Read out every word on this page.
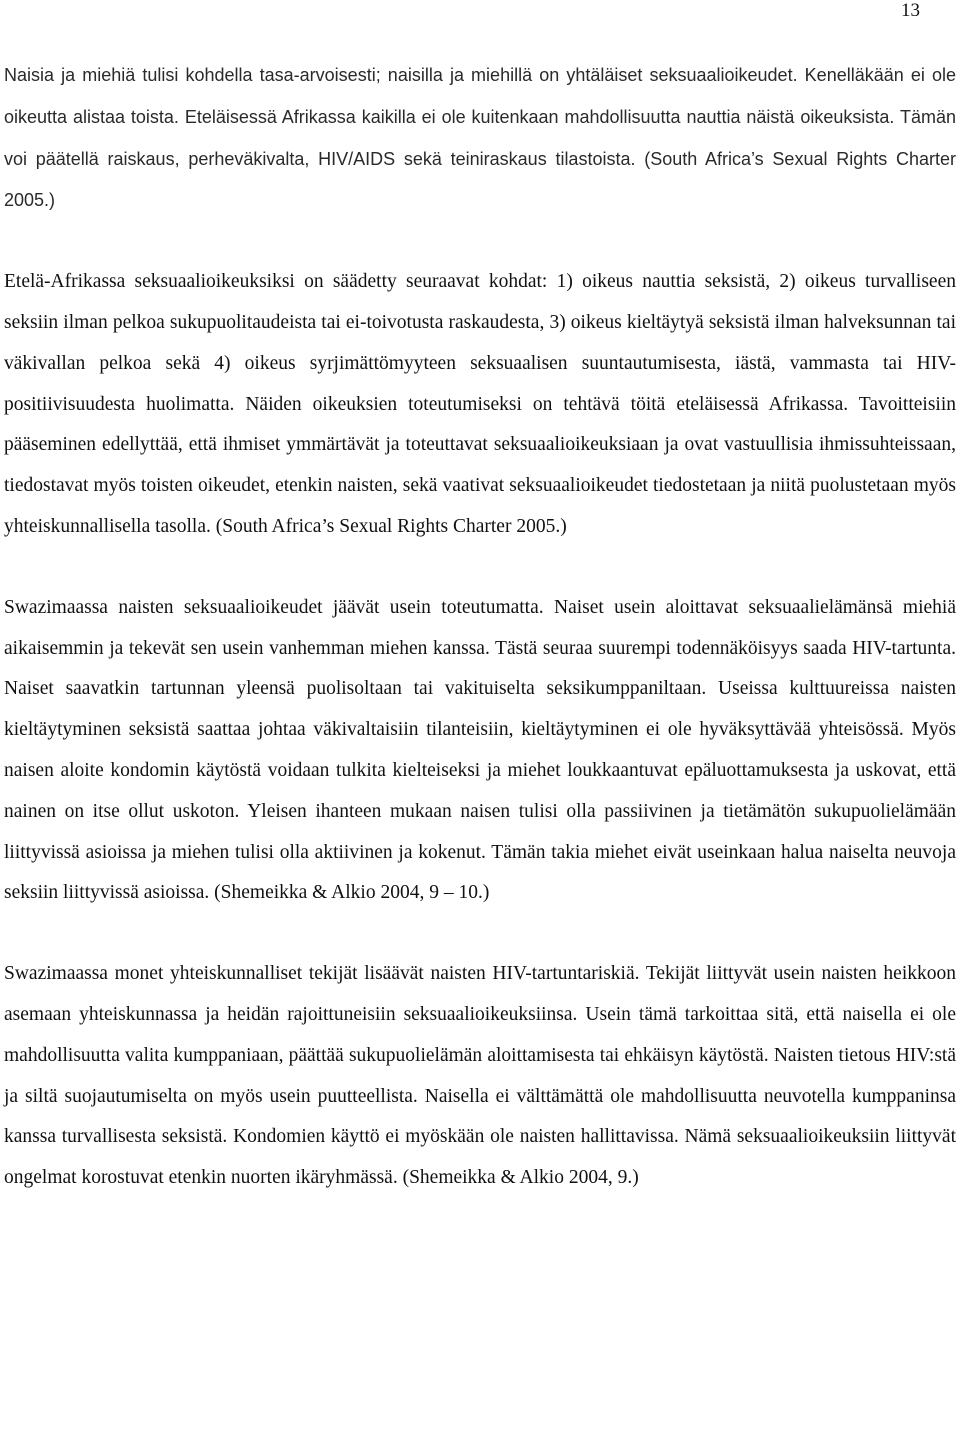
13

Naisia ja miehiä tulisi kohdella tasa-arvoisesti; naisilla ja miehillä on yhtäläiset seksuaalioikeudet. Kenelläkään ei ole oikeutta alistaa toista. Eteläisessä Afrikassa kaikilla ei ole kuitenkaan mahdollisuutta nauttia näistä oikeuksista. Tämän voi päätellä raiskaus, perheväkivalta, HIV/AIDS sekä teiniraskaus tilastoista. (South Africa’s Sexual Rights Charter 2005.)

Etelä-Afrikassa seksuaalioikeuksiksi on säädetty seuraavat kohdat: 1) oikeus nauttia seksistä, 2) oikeus turvalliseen seksiin ilman pelkoa sukupuolitaudeista tai ei-toivotusta raskaudesta, 3) oikeus kieltäytyä seksistä ilman halveksunnan tai väkivallan pelkoa sekä 4) oikeus syrjimättömyyteen seksuaalisen suuntautumisesta, iästä, vammasta tai HIV-positiivisuudesta huolimatta. Näiden oikeuksien toteutumiseksi on tehtävä töitä eteläisessä Afrikassa. Tavoitteisiin pääseminen edellyttää, että ihmiset ymmärtävät ja toteuttavat seksuaalioikeuksiaan ja ovat vastuullisia ihmissuhteissaan, tiedostavat myös toisten oikeudet, etenkin naisten, sekä vaativat seksuaalioikeudet tiedostetaan ja niitä puolustetaan myös yhteiskunnallisella tasolla. (South Africa’s Sexual Rights Charter 2005.)

Swazimaassa naisten seksuaalioikeudet jäävät usein toteutumatta. Naiset usein aloittavat seksuaalielämänsä miehiä aikaisemmin ja tekevät sen usein vanhemman miehen kanssa. Tästä seuraa suurempi todennäköisyys saada HIV-tartunta. Naiset saavatkin tartunnan yleensä puolisoltaan tai vakituiselta seksikumppaniltaan. Useissa kulttuureissa naisten kieltäytyminen seksistä saattaa johtaa väkivaltaisiin tilanteisiin, kieltäytyminen ei ole hyväksyttävää yhteisössä. Myös naisen aloite kondomin käytöstä voidaan tulkita kielteiseksi ja miehet loukkaantuvat epäluottamuksesta ja uskovat, että nainen on itse ollut uskoton. Yleisen ihanteen mukaan naisen tulisi olla passiivinen ja tietämätön sukupuolielämään liittyvissä asioissa ja miehen tulisi olla aktiivinen ja kokenut. Tämän takia miehet eivät useinkaan halua naiselta neuvoja seksiin liittyvissä asioissa. (Shemeikka & Alkio 2004, 9 – 10.)

Swazimaassa monet yhteiskunnalliset tekijät lisäävät naisten HIV-tartuntariskiä. Tekijät liittyvät usein naisten heikkoon asemaan yhteiskunnassa ja heidän rajoittuneisiin seksuaalioikeuksiinsa. Usein tämä tarkoittaa sitä, että naisella ei ole mahdollisuutta valita kumppaniaan, päättää sukupuolielämän aloittamisesta tai ehkäisyn käytöstä. Naisten tietous HIV:stä ja siltä suojautumiselta on myös usein puutteellista. Naisella ei välttämättä ole mahdollisuutta neuvotella kumppaninsa kanssa turvallisesta seksistä. Kondomien käyttö ei myöskään ole naisten hallittavissa. Nämä seksuaalioikeuksiin liittyvät ongelmat korostuvat etenkin nuorten ikäryhmässä. (Shemeikka & Alkio 2004, 9.)
